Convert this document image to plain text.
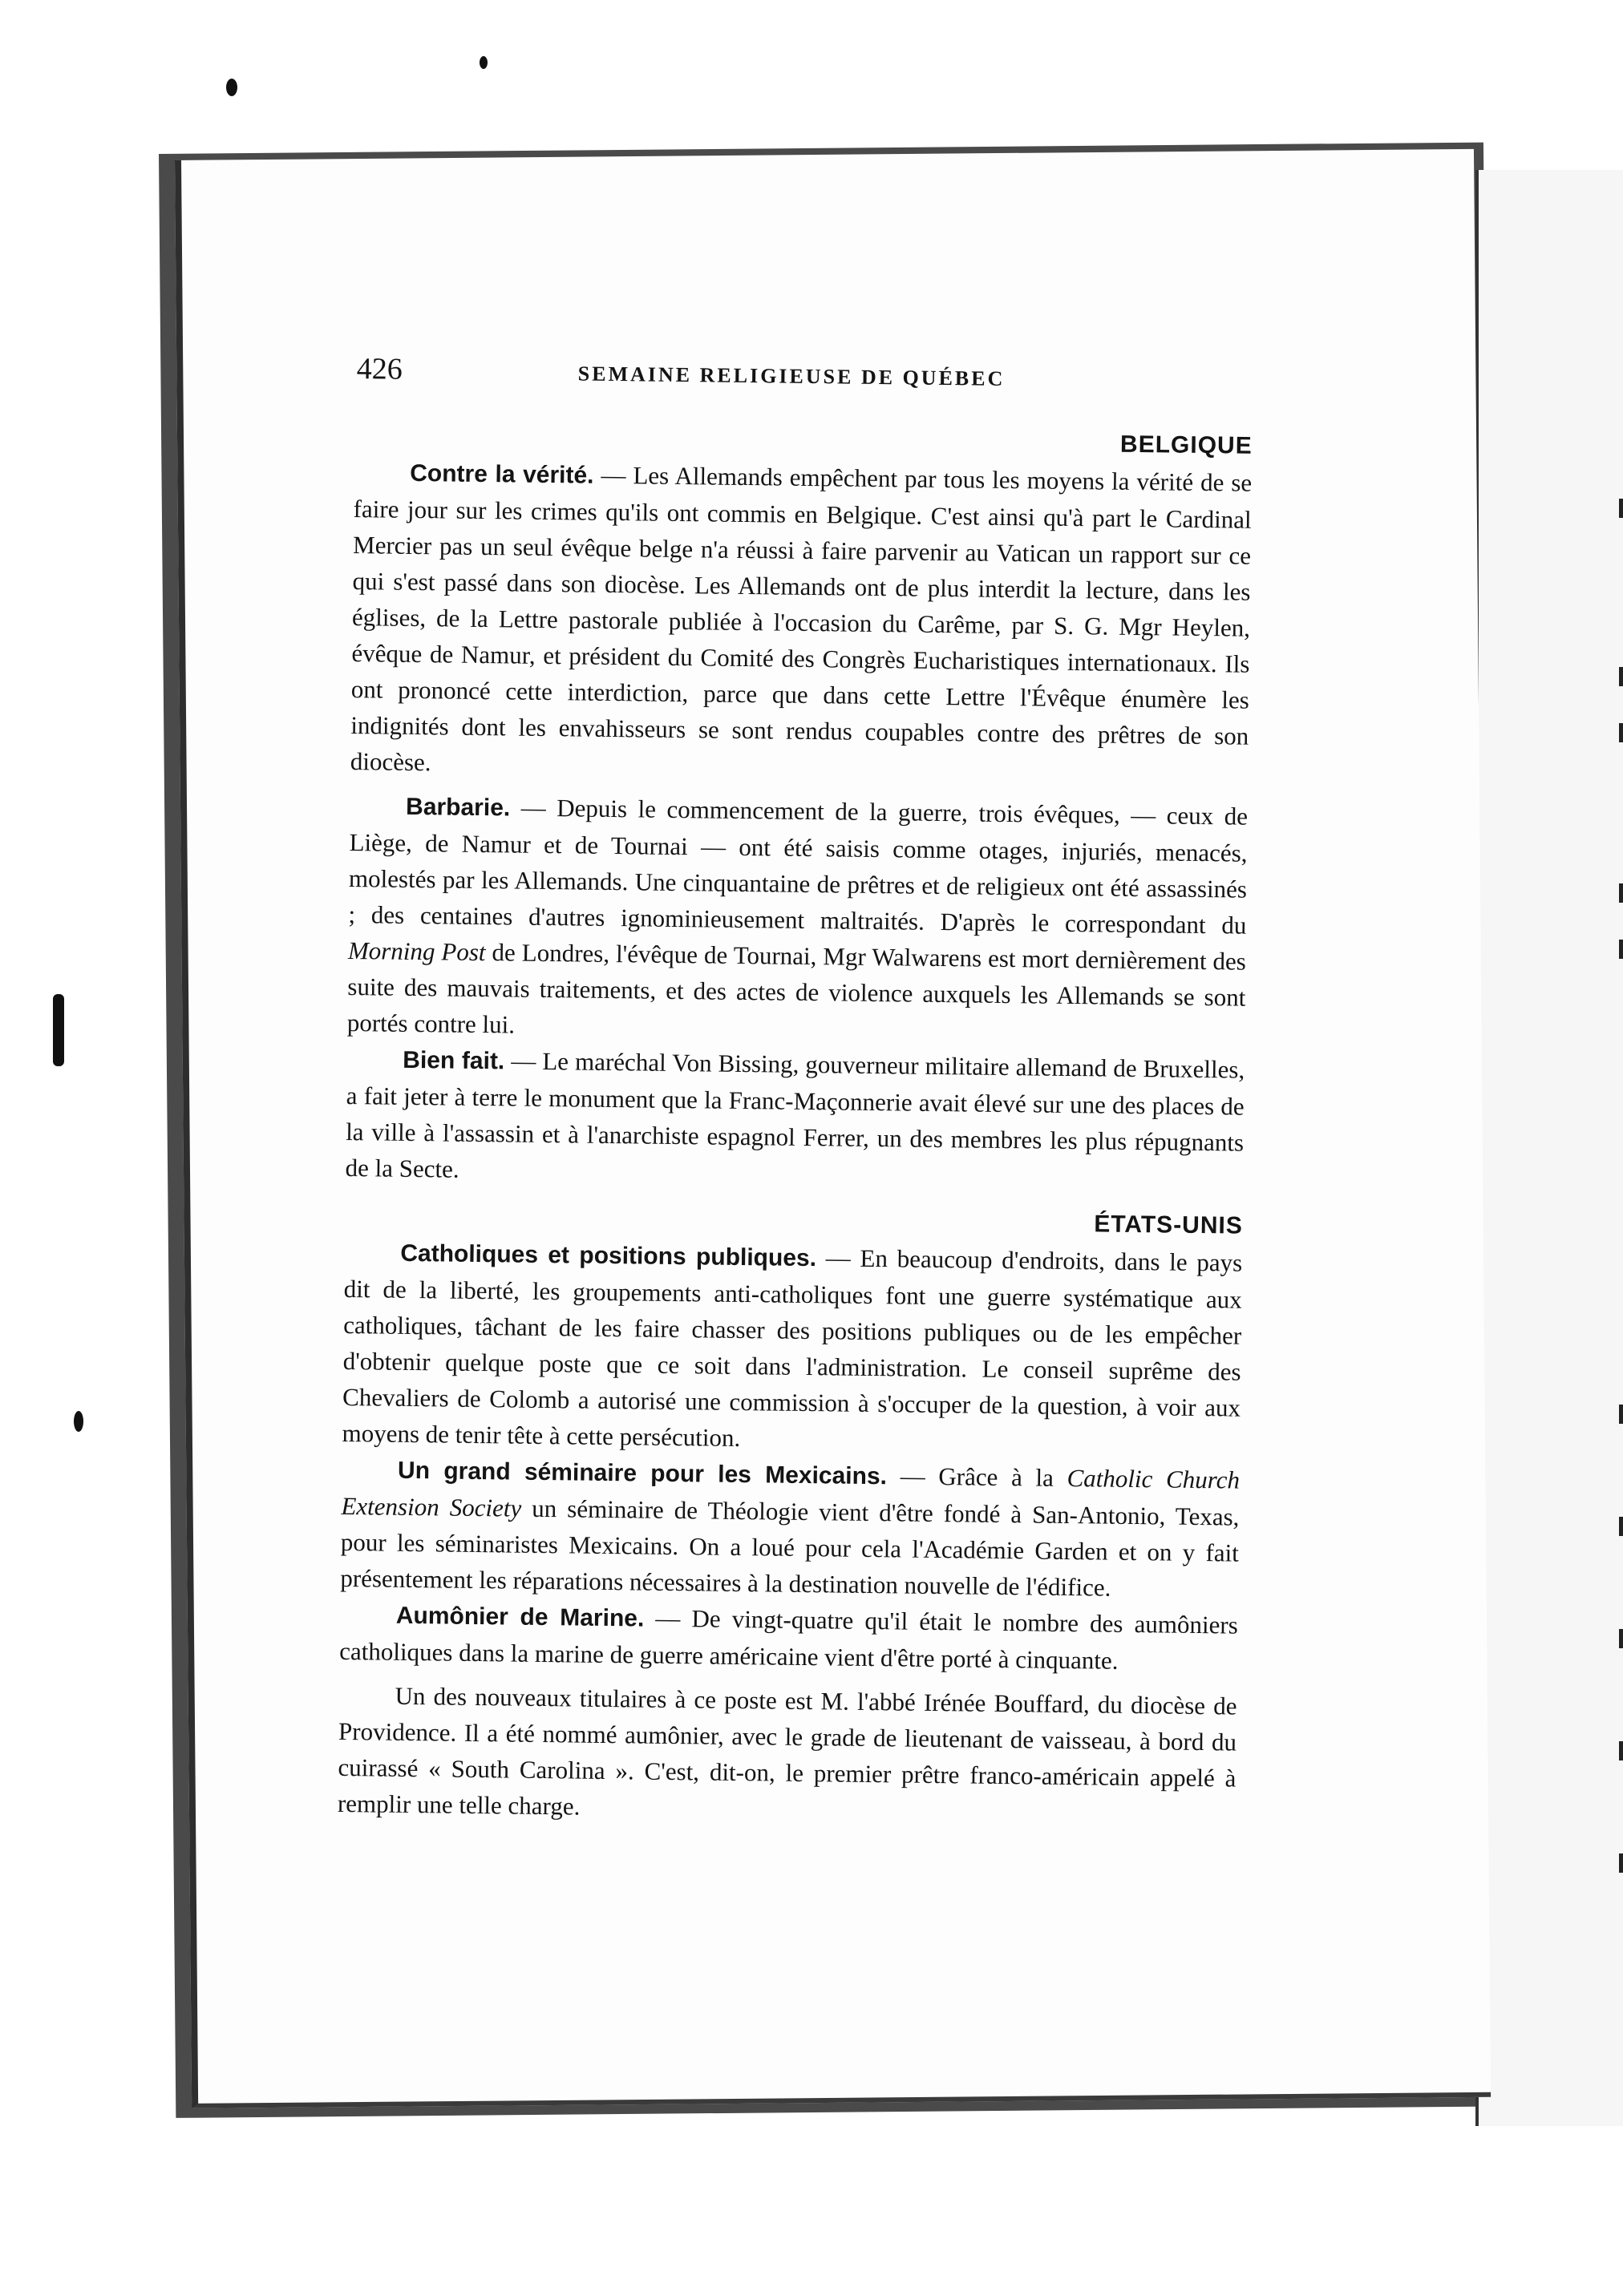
426	SEMAINE RELIGIEUSE DE QUÉBEC
BELGIQUE

Contre la vérité. — Les Allemands empêchent par tous les moyens la vérité de se faire jour sur les crimes qu'ils ont commis en Belgique. C'est ainsi qu'à part le Cardinal Mercier pas un seul évêque belge n'a réussi à faire parvenir au Vatican un rapport sur ce qui s'est passé dans son diocèse. Les Allemands ont de plus interdit la lecture, dans les églises, de la Lettre pastorale publiée à l'occasion du Carême, par S. G. Mgr Heylen, évêque de Namur, et président du Comité des Congrès Eucharistiques internationaux. Ils ont prononcé cette interdiction, parce que dans cette Lettre l'Évêque énumère les indignités dont les envahisseurs se sont rendus coupables contre des prêtres de son diocèse.

Barbarie. — Depuis le commencement de la guerre, trois évêques, — ceux de Liège, de Namur et de Tournai — ont été saisis comme otages, injuriés, menacés, molestés par les Allemands. Une cinquantaine de prêtres et de religieux ont été assassinés ; des centaines d'autres ignominieusement maltraités. D'après le correspondant du Morning Post de Londres, l'évêque de Tournai, Mgr Walwarens est mort dernièrement des suite des mauvais traitements, et des actes de violence auxquels les Allemands se sont portés contre lui.

Bien fait. — Le maréchal Von Bissing, gouverneur militaire allemand de Bruxelles, a fait jeter à terre le monument que la Franc-Maçonnerie avait élevé sur une des places de la ville à l'assassin et à l'anarchiste espagnol Ferrer, un des membres les plus répugnants de la Secte.

ÉTATS-UNIS

Catholiques et positions publiques. — En beaucoup d'endroits, dans le pays dit de la liberté, les groupements anti-catholiques font une guerre systématique aux catholiques, tâchant de les faire chasser des positions publiques ou de les empêcher d'obtenir quelque poste que ce soit dans l'administration. Le conseil suprême des Chevaliers de Colomb a autorisé une commission à s'occuper de la question, à voir aux moyens de tenir tête à cette persécution.

Un grand séminaire pour les Mexicains. — Grâce à la Catholic Church Extension Society un séminaire de Théologie vient d'être fondé à San-Antonio, Texas, pour les séminaristes Mexicains. On a loué pour cela l'Académie Garden et on y fait présentement les réparations nécessaires à la destination nouvelle de l'édifice.

Aumônier de Marine. — De vingt-quatre qu'il était le nombre des aumôniers catholiques dans la marine de guerre américaine vient d'être porté à cinquante.

Un des nouveaux titulaires à ce poste est M. l'abbé Irénée Bouffard, du diocèse de Providence. Il a été nommé aumônier, avec le grade de lieutenant de vaisseau, à bord du cuirassé « South Carolina ». C'est, dit-on, le premier prêtre franco-américain appelé à remplir une telle charge.
